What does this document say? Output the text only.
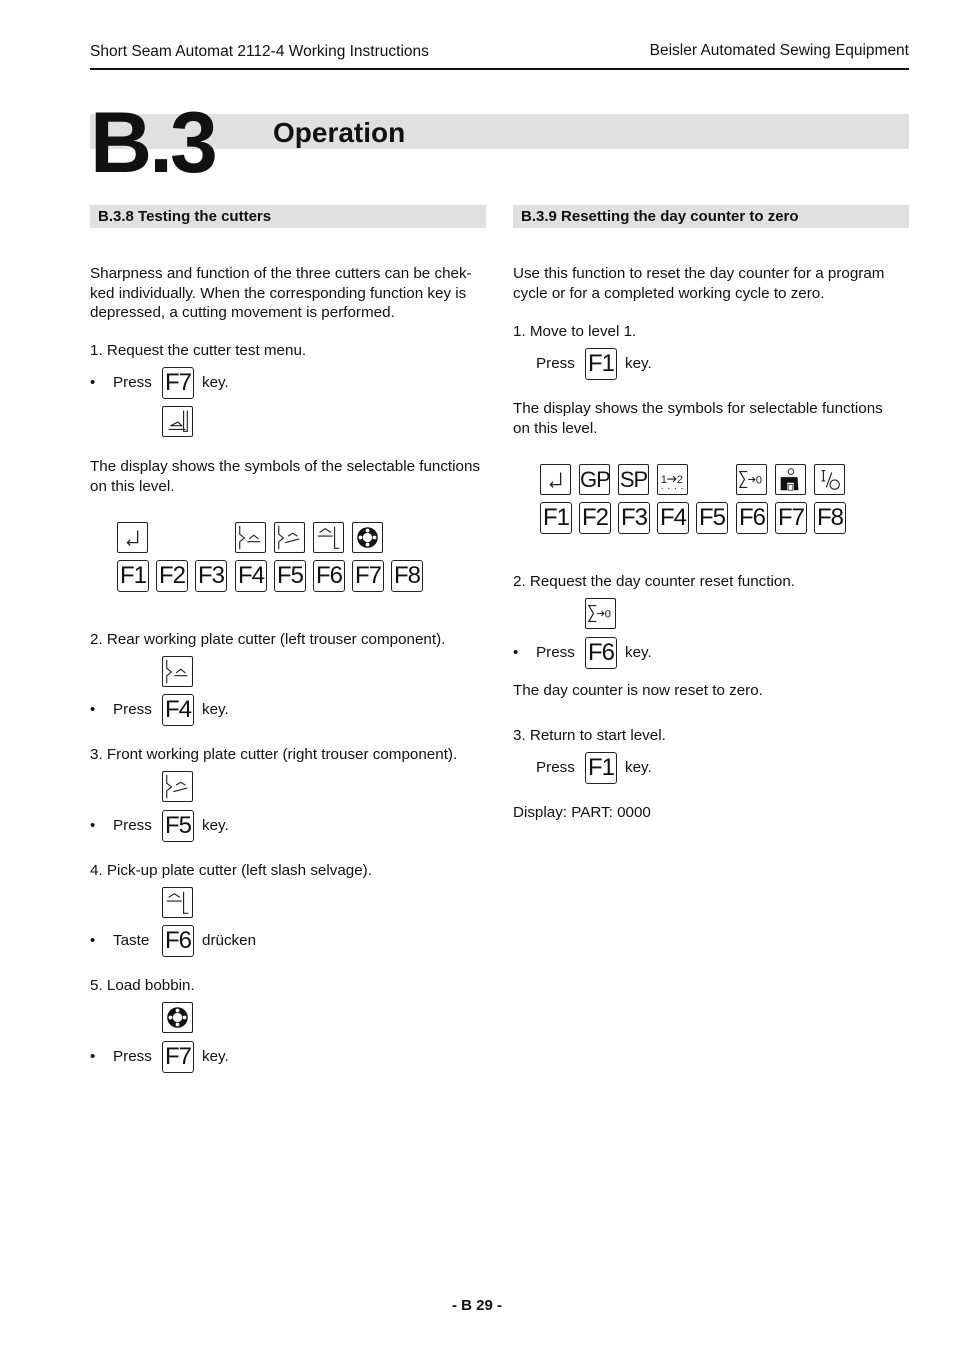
Short Seam Automat 2112-4 Working Instructions	Beisler Automated Sewing Equipment
B.3 Operation
B.3.8 Testing the cutters
Sharpness and function of the three cutters can be chek-
ked individually. When the corresponding function key is
depressed, a cutting movement is performed.
1. Request the cutter test menu.
• Press F7 key.
The display shows the symbols of the selectable functions
on this level.
F1 F2 F3 F4 F5 F6 F7 F8
2. Rear working plate cutter (left trouser component).
• Press F4 key.
3. Front working plate cutter (right trouser component).
• Press F5 key.
4. Pick-up plate cutter (left slash selvage).
• Taste F6 drücken
5. Load bobbin.
• Press F7 key.
B.3.9 Resetting the day counter to zero
Use this function to reset the day counter for a program
cycle or for a completed working cycle to zero.
1. Move to level 1.
Press F1 key.
The display shows the symbols for selectable functions
on this level.
GP SP 1 2	0
F1 F2 F3 F4 F5 F6 F7 F8
2. Request the day counter reset function.
0
• Press F6 key.
The day counter is now reset to zero.
3. Return to start level.
Press F1 key.
Display: PART: 0000
- B 29 -
